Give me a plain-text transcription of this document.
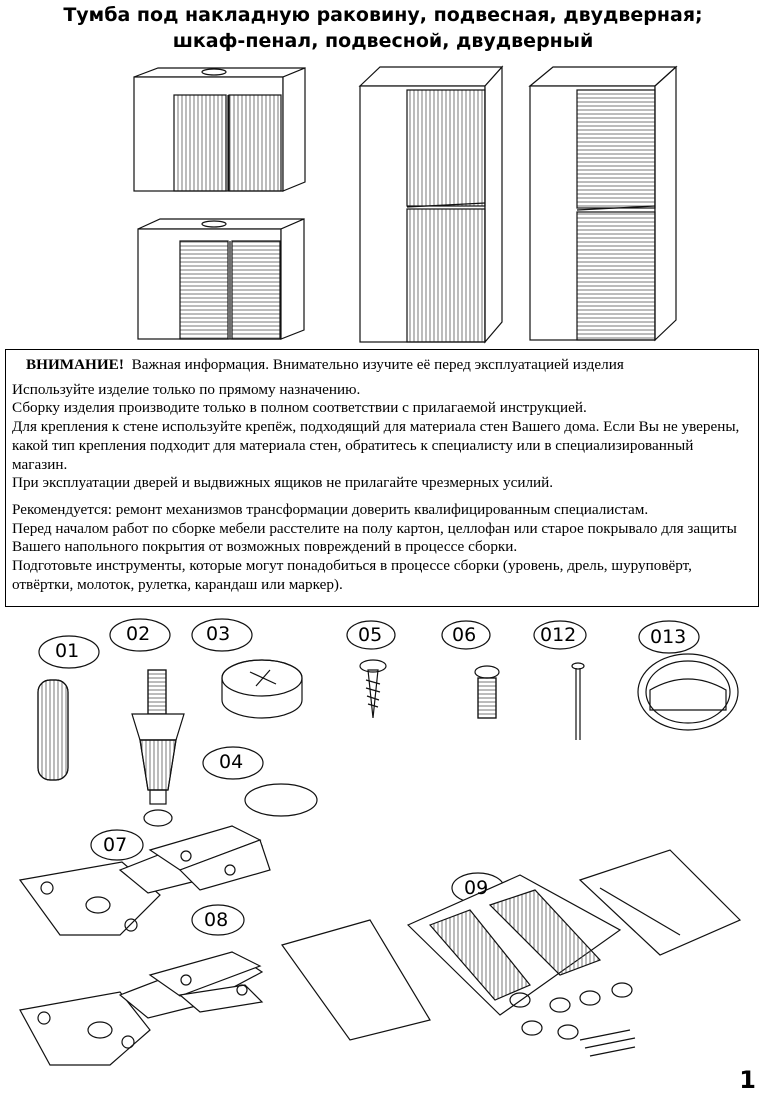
Тумба под накладную раковину, подвесная, двудверная;
шкаф-пенал, подвесной, двудверный
ВНИМАНИЕ! Важная информация. Внимательно изучите её перед эксплуатацией изделия

Используйте изделие только по прямому назначению.

Сборку изделия производите только в полном соответствии с прилагаемой инструкцией.

Для крепления к стене используйте крепёж, подходящий для материала стен Вашего дома. Если Вы не уверены, какой тип крепления подходит для материала стен, обратитесь к специалисту или в специализированный магазин.

При эксплуатации дверей и выдвижных ящиков не прилагайте чрезмерных усилий.

Рекомендуется: ремонт механизмов трансформации доверить квалифицированным специалистам.

Перед началом работ по сборке мебели расстелите на полу картон, целлофан или старое покрывало для защиты Вашего напольного покрытия от возможных повреждений в процессе сборки.

Подготовьте инструменты, которые могут понадобиться в процессе сборки (уровень, дрель, шуруповёрт, отвёртки, молоток, рулетка, карандаш или маркер).

01
02	03
04
05	06	012	013
07
08
09
1
